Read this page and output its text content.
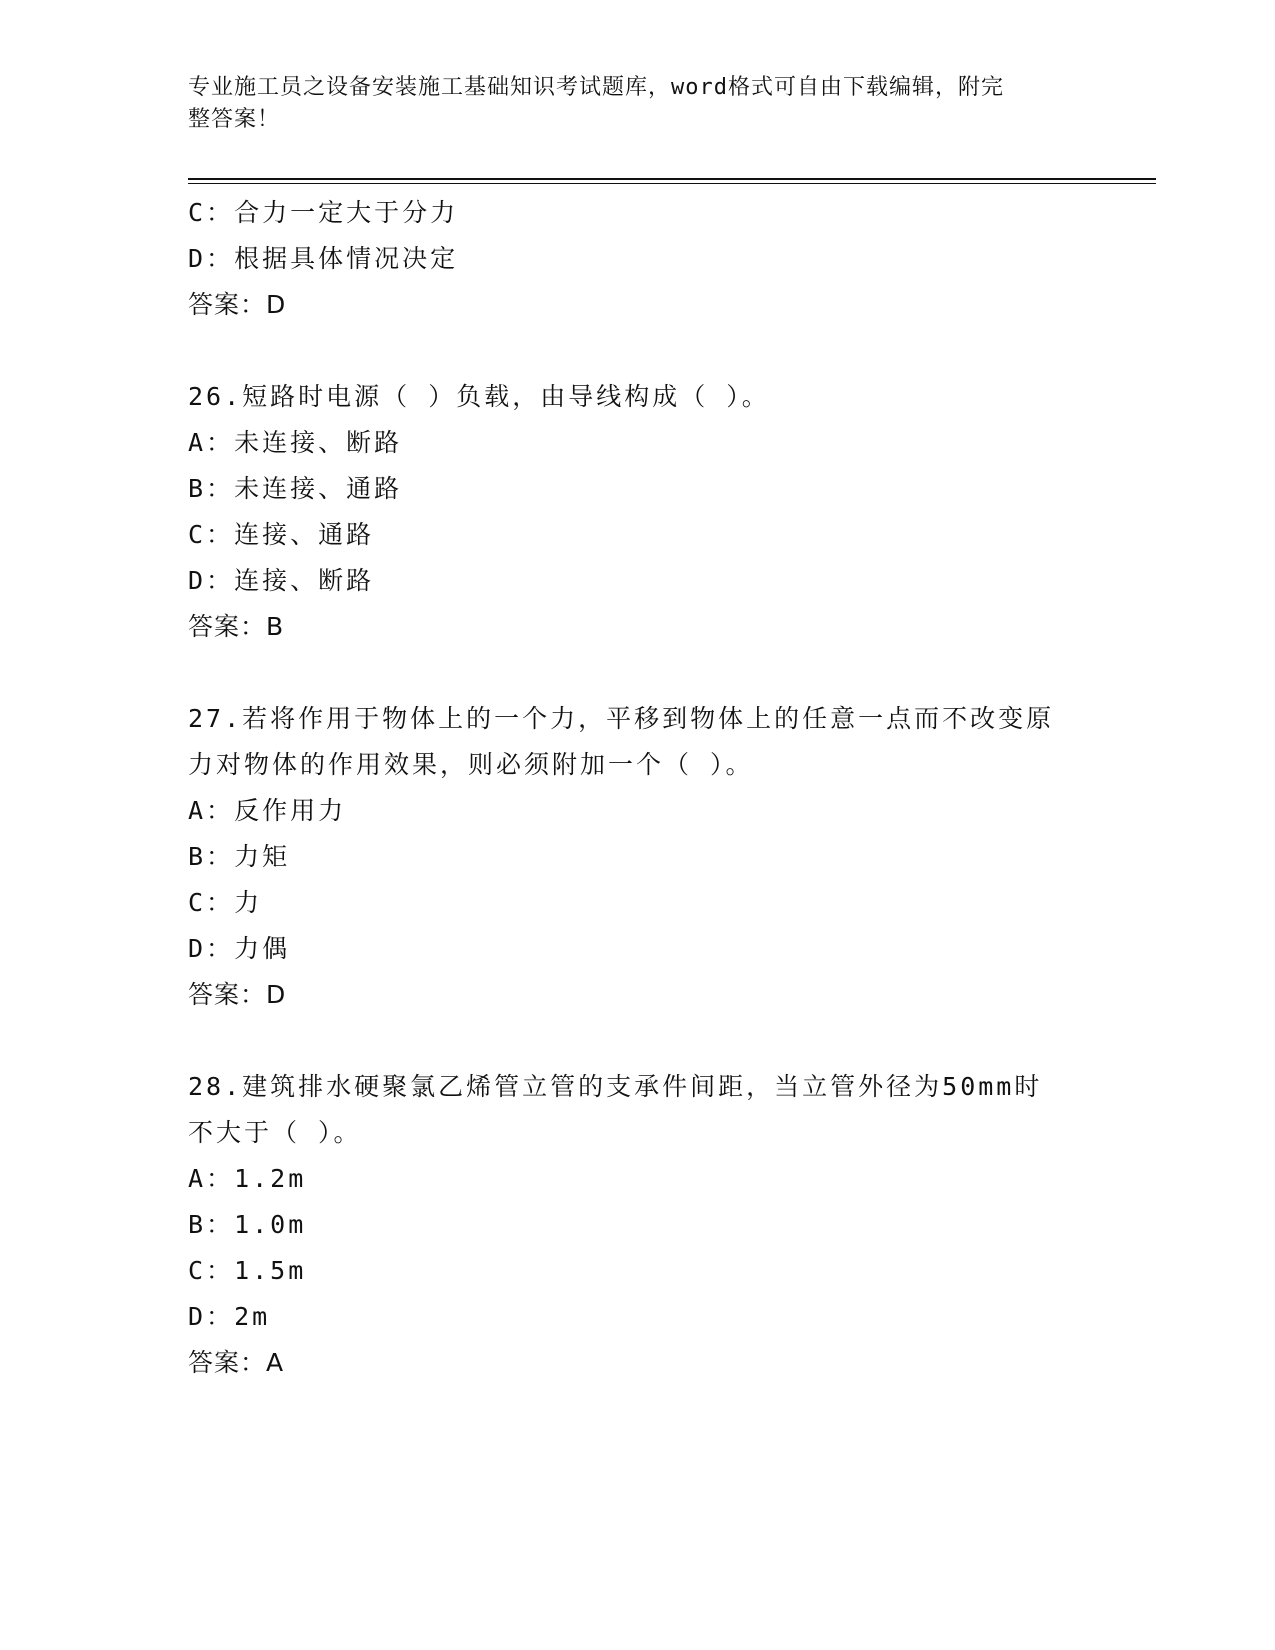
专业施工员之设备安装施工基础知识考试题库，word格式可自由下载编辑，附完
整答案！
C：合力一定大于分力
D：根据具体情况决定
答案：D
26.短路时电源（ ）负载，由导线构成（ ）。
A：未连接、断路
B：未连接、通路
C：连接、通路
D：连接、断路
答案：B
27.若将作用于物体上的一个力，平移到物体上的任意一点而不改变原
力对物体的作用效果，则必须附加一个（ ）。
A：反作用力
B：力矩
C：力
D：力偶
答案：D
28.建筑排水硬聚氯乙烯管立管的支承件间距，当立管外径为50mm时
不大于（ ）。
A：1.2m
B：1.0m
C：1.5m
D：2m
答案：A
